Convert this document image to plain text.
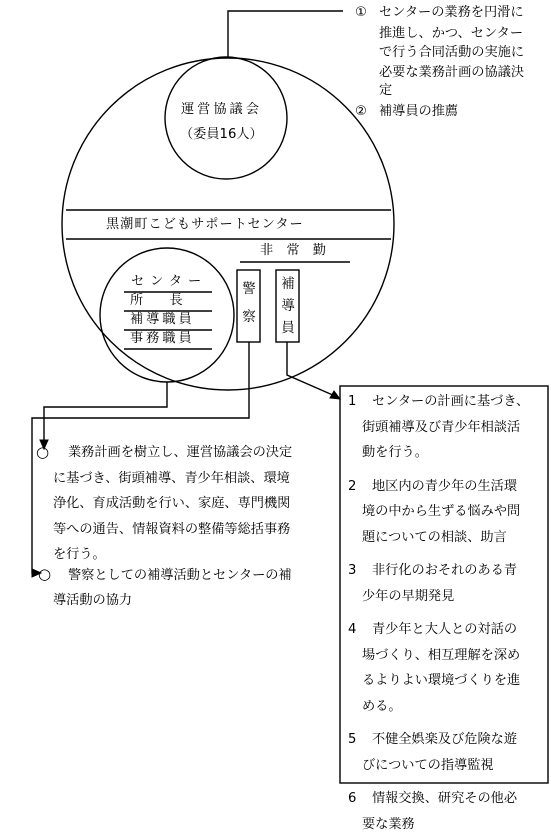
① センターの業務を円滑に
推進し、かつ、センター
で行う合同活動の実施に
必要な業務計画の協議決
定
② 補導員の推薦
運営協議会
（委員16人）
黒潮町こどもサポートセンター
非　常　勤
センター
所　　長
補導職員
事務職員
警察
補導員
○ 業務計画を樹立し、運営協議会の決定
に基づき、街頭補導、青少年相談、環境
浄化、育成活動を行い、家庭、専門機関
等への通告、情報資料の整備等総括事務
を行う。
○ 警察としての補導活動とセンターの補
導活動の協力
1 センターの計画に基づき、
街頭補導及び青少年相談活
動を行う。
2 地区内の青少年の生活環
境の中から生ずる悩みや問
題についての相談、助言
3 非行化のおそれのある青
少年の早期発見
4 青少年と大人との対話の
場づくり、相互理解を深め
るよりよい環境づくりを進
める。
5 不健全娯楽及び危険な遊
びについての指導監視
6 情報交換、研究その他必
要な業務
